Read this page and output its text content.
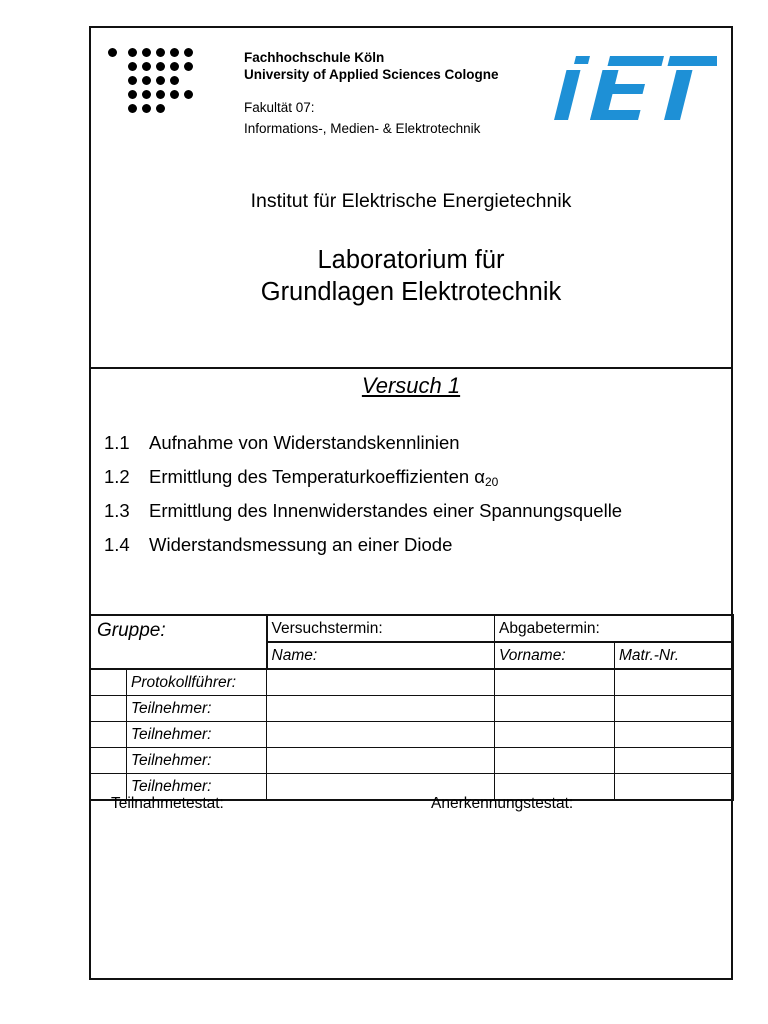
Fachhochschule Köln
University of Applied Sciences Cologne
Fakultät 07:
Informations-, Medien- & Elektrotechnik
Institut für Elektrische Energietechnik
Laboratorium für
Grundlagen Elektrotechnik
Versuch 1
1.1 Aufnahme von Widerstandskennlinien
1.2 Ermittlung des Temperaturkoeffizienten $\alpha_{20}$
1.3 Ermittlung des Innenwiderstandes einer Spannungsquelle
1.4 Widerstandsmessung an einer Diode
Gruppe:		Versuchstermin:	Abgabetermin:	
		Name:	Vorname:	Matr.-Nr.
	Protokollführer:			
	Teilnehmer:			
	Teilnehmer:			
	Teilnehmer:			
	Teilnehmer:			
Teilnahmetestat:	Anerkennungstestat:
